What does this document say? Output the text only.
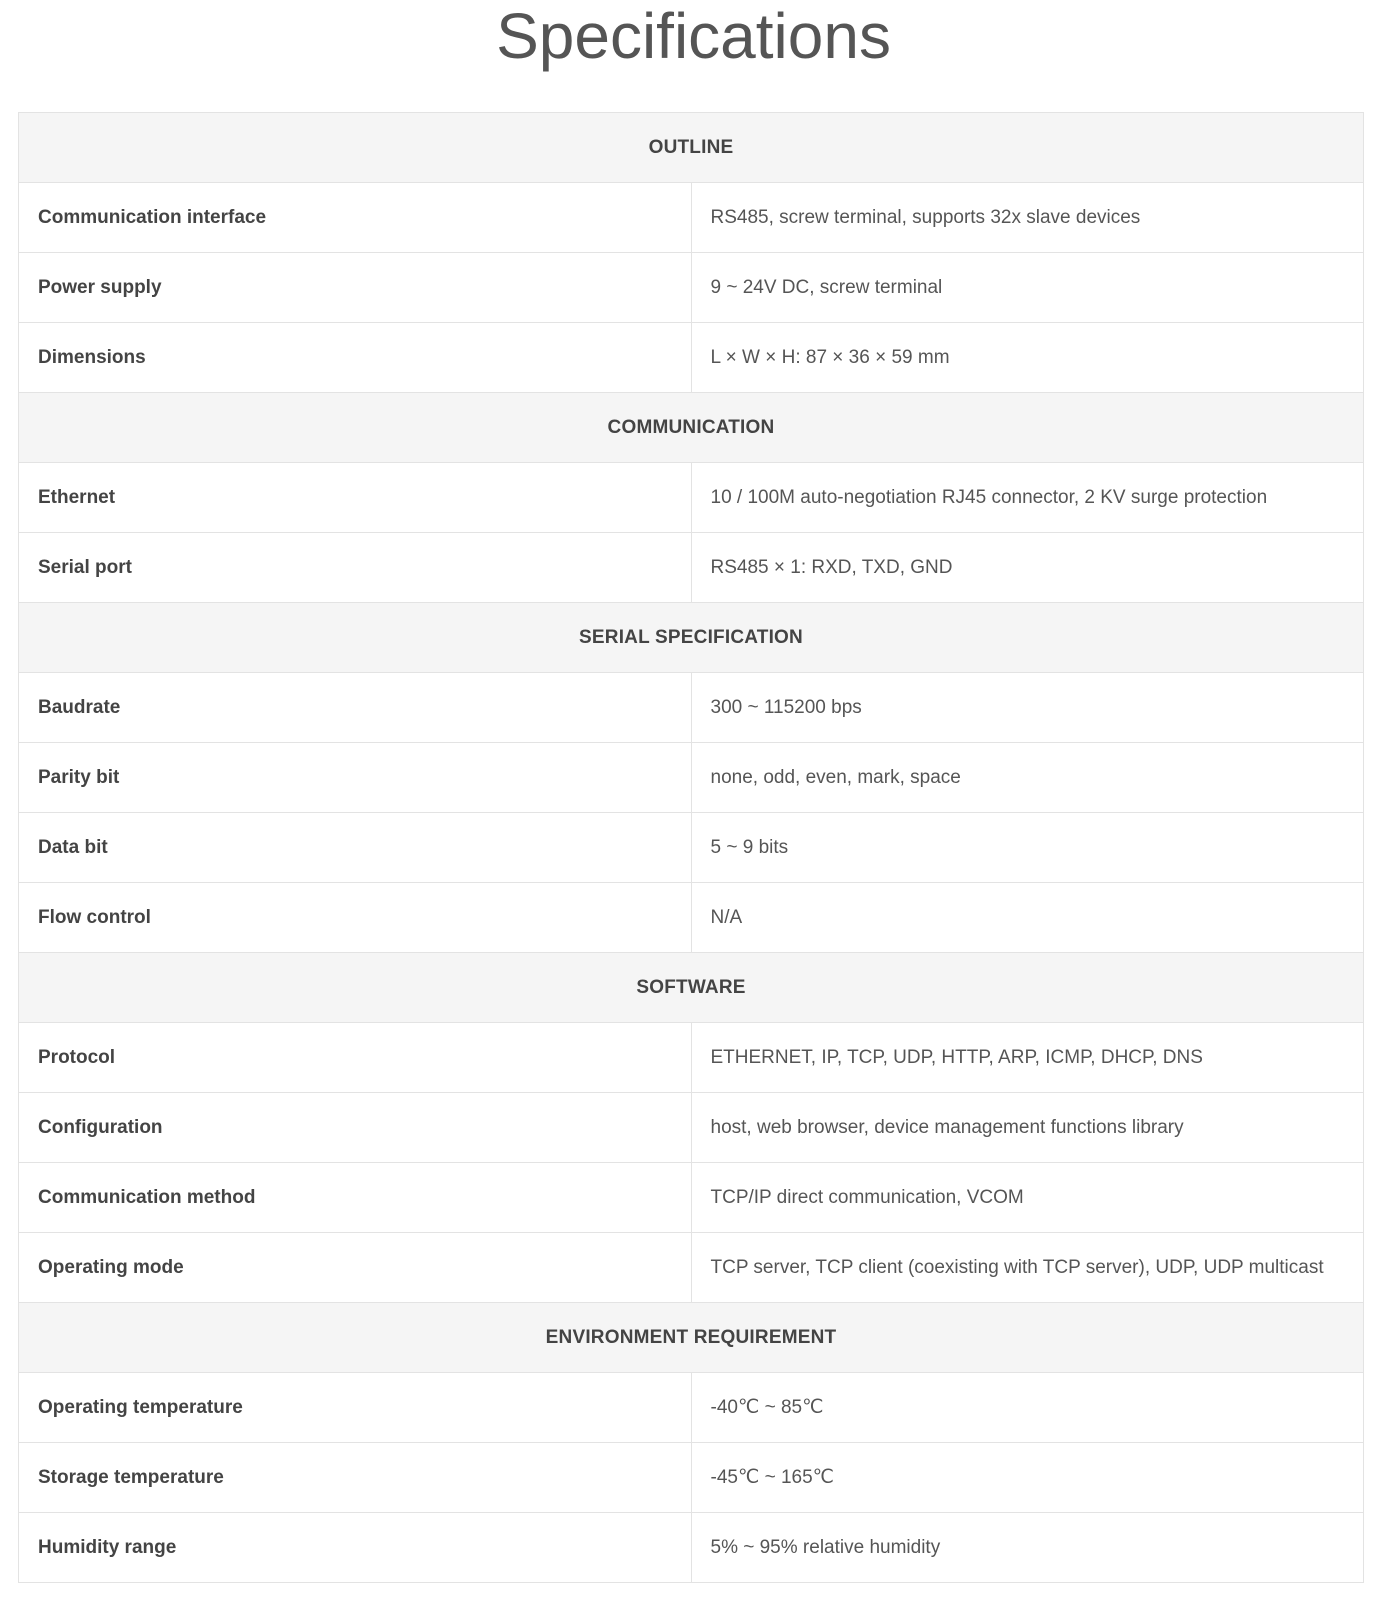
Specifications
OUTLINE	
Communication interface	RS485, screw terminal, supports 32x slave devices
Power supply	9 ~ 24V DC, screw terminal
Dimensions	L × W × H: 87 × 36 × 59 mm
COMMUNICATION	
Ethernet	10 / 100M auto-negotiation RJ45 connector, 2 KV surge protection
Serial port	RS485 × 1: RXD, TXD, GND
SERIAL SPECIFICATION	
Baudrate	300 ~ 115200 bps
Parity bit	none, odd, even, mark, space
Data bit	5 ~ 9 bits
Flow control	N/A
SOFTWARE	
Protocol	ETHERNET, IP, TCP, UDP, HTTP, ARP, ICMP, DHCP, DNS
Configuration	host, web browser, device management functions library
Communication method	TCP/IP direct communication, VCOM
Operating mode	TCP server, TCP client (coexisting with TCP server), UDP, UDP multicast
ENVIRONMENT REQUIREMENT	
Operating temperature	-40℃ ~ 85℃
Storage temperature	-45℃ ~ 165℃
Humidity range	5% ~ 95% relative humidity
